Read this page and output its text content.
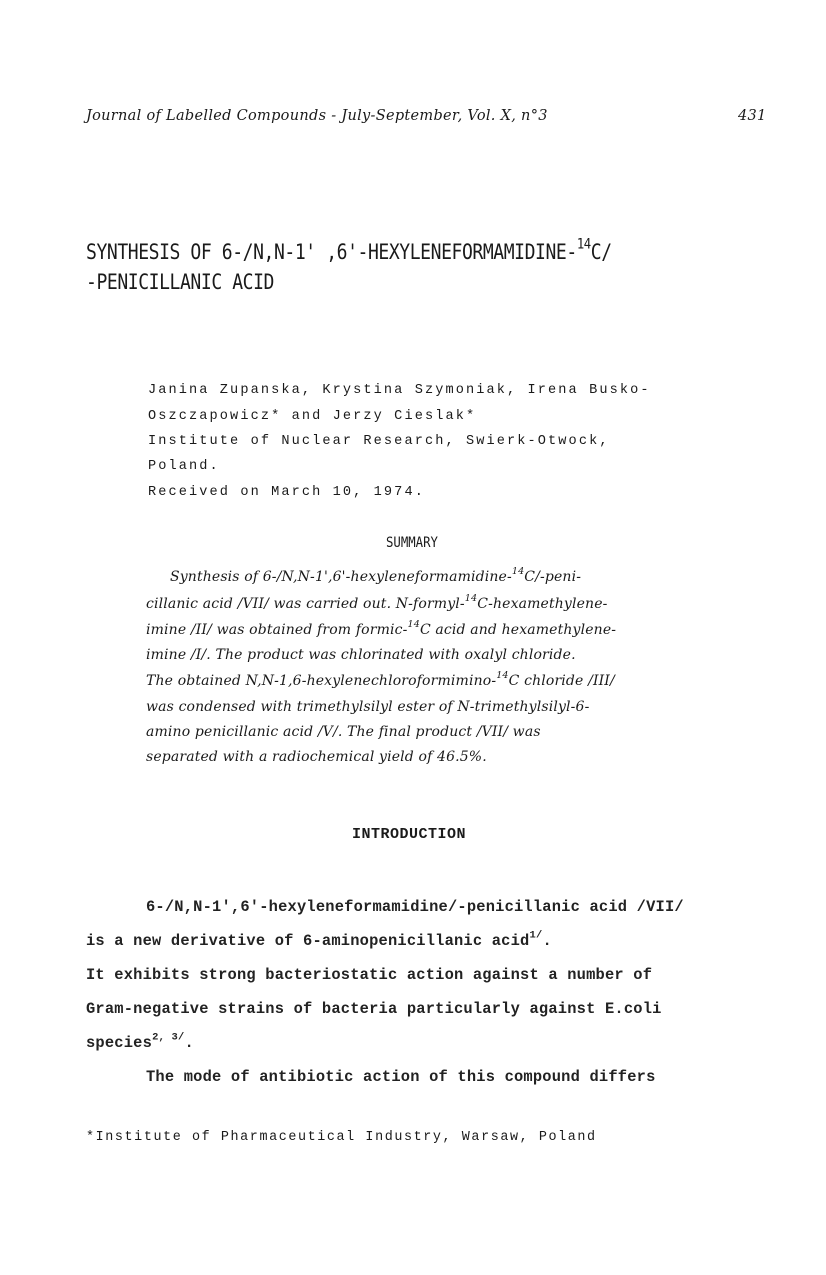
Journal of Labelled Compounds - July-September, Vol. X, n°3	431
SYNTHESIS OF 6-/N,N-1' ,6'-HEXYLENEFORMAMIDINE-$^{14}$C/
-PENICILLANIC ACID
Janina Zupanska, Krystina Szymoniak, Irena Busko-
Oszczapowicz* and Jerzy Cieslak*
Institute of Nuclear Research, Swierk-Otwock,
Poland.
Received on March 10, 1974.
SUMMARY
Synthesis of 6-/N,N-1',6'-hexyleneformamidine-$^{14}$C/-peni-
cillanic acid /VII/ was carried out. N-formyl-$^{14}$C-hexamethylene-
imine /II/ was obtained from formic-$^{14}$C acid and hexamethylene-
imine /I/. The product was chlorinated with oxalyl chloride.
The obtained N,N-1,6-hexylenechloroformimino-$^{14}$C chloride /III/
was condensed with trimethylsilyl ester of N-trimethylsilyl-6-
amino penicillanic acid /V/. The final product /VII/ was
separated with a radiochemical yield of 46.5%.
INTRODUCTION
6-/N,N-1',6'-hexyleneformamidine/-penicillanic acid /VII/
is a new derivative of 6-aminopenicillanic acid$^{1/}$.
It exhibits strong bacteriostatic action against a number of
Gram-negative strains of bacteria particularly against E.coli
species$^{2, 3/}$.
The mode of antibiotic action of this compound differs
*Institute of Pharmaceutical Industry, Warsaw, Poland
